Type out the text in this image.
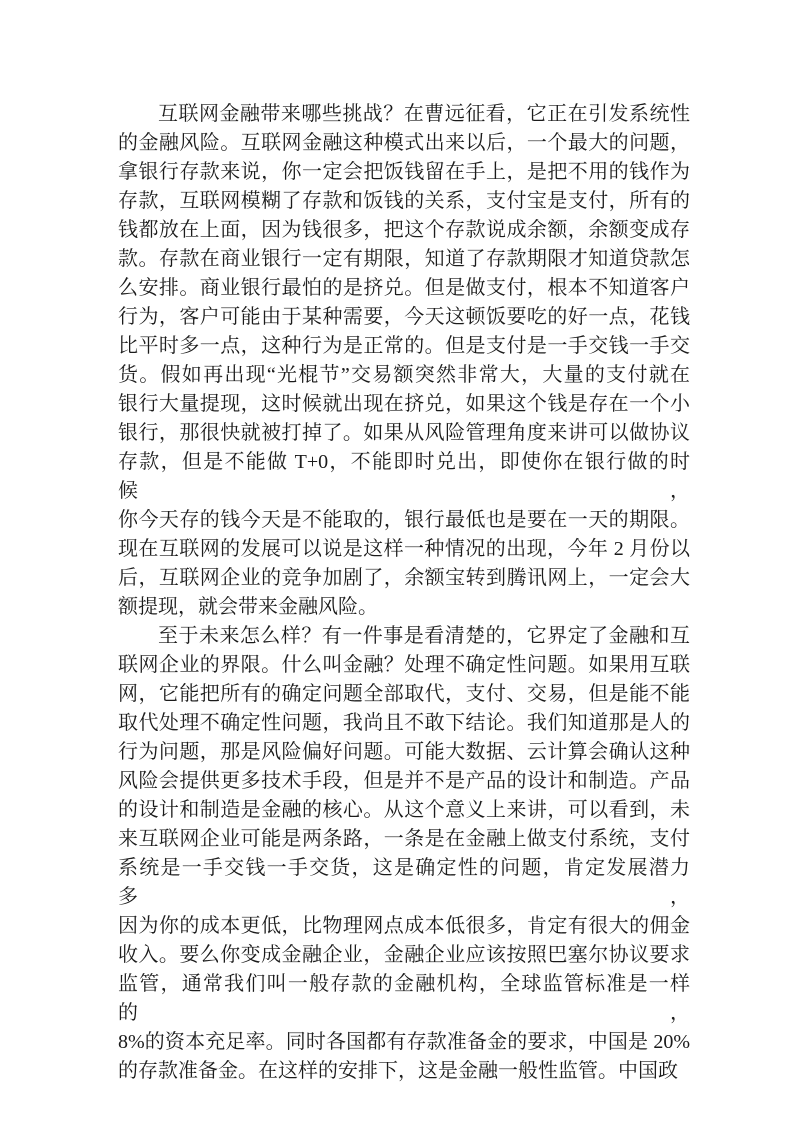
互联网金融带来哪些挑战？在曹远征看，它正在引发系统性
的金融风险。互联网金融这种模式出来以后，一个最大的问题，
拿银行存款来说，你一定会把饭钱留在手上，是把不用的钱作为
存款，互联网模糊了存款和饭钱的关系，支付宝是支付，所有的
钱都放在上面，因为钱很多，把这个存款说成余额，余额变成存
款。存款在商业银行一定有期限，知道了存款期限才知道贷款怎
么安排。商业银行最怕的是挤兑。但是做支付，根本不知道客户
行为，客户可能由于某种需要，今天这顿饭要吃的好一点，花钱
比平时多一点，这种行为是正常的。但是支付是一手交钱一手交
货。假如再出现“光棍节”交易额突然非常大，大量的支付就在
银行大量提现，这时候就出现在挤兑，如果这个钱是存在一个小
银行，那很快就被打掉了。如果从风险管理角度来讲可以做协议
存款，但是不能做 T+0，不能即时兑出，即使你在银行做的时候，
你今天存的钱今天是不能取的，银行最低也是要在一天的期限。
现在互联网的发展可以说是这样一种情况的出现，今年 2 月份以
后，互联网企业的竞争加剧了，余额宝转到腾讯网上，一定会大
额提现，就会带来金融风险。
至于未来怎么样？有一件事是看清楚的，它界定了金融和互
联网企业的界限。什么叫金融？处理不确定性问题。如果用互联
网，它能把所有的确定问题全部取代，支付、交易，但是能不能
取代处理不确定性问题，我尚且不敢下结论。我们知道那是人的
行为问题，那是风险偏好问题。可能大数据、云计算会确认这种
风险会提供更多技术手段，但是并不是产品的设计和制造。产品
的设计和制造是金融的核心。从这个意义上来讲，可以看到，未
来互联网企业可能是两条路，一条是在金融上做支付系统，支付
系统是一手交钱一手交货，这是确定性的问题，肯定发展潜力多，
因为你的成本更低，比物理网点成本低很多，肯定有很大的佣金
收入。要么你变成金融企业，金融企业应该按照巴塞尔协议要求
监管，通常我们叫一般存款的金融机构，全球监管标准是一样的，
8%的资本充足率。同时各国都有存款准备金的要求，中国是 20%
的存款准备金。在这样的安排下，这是金融一般性监管。中国政
